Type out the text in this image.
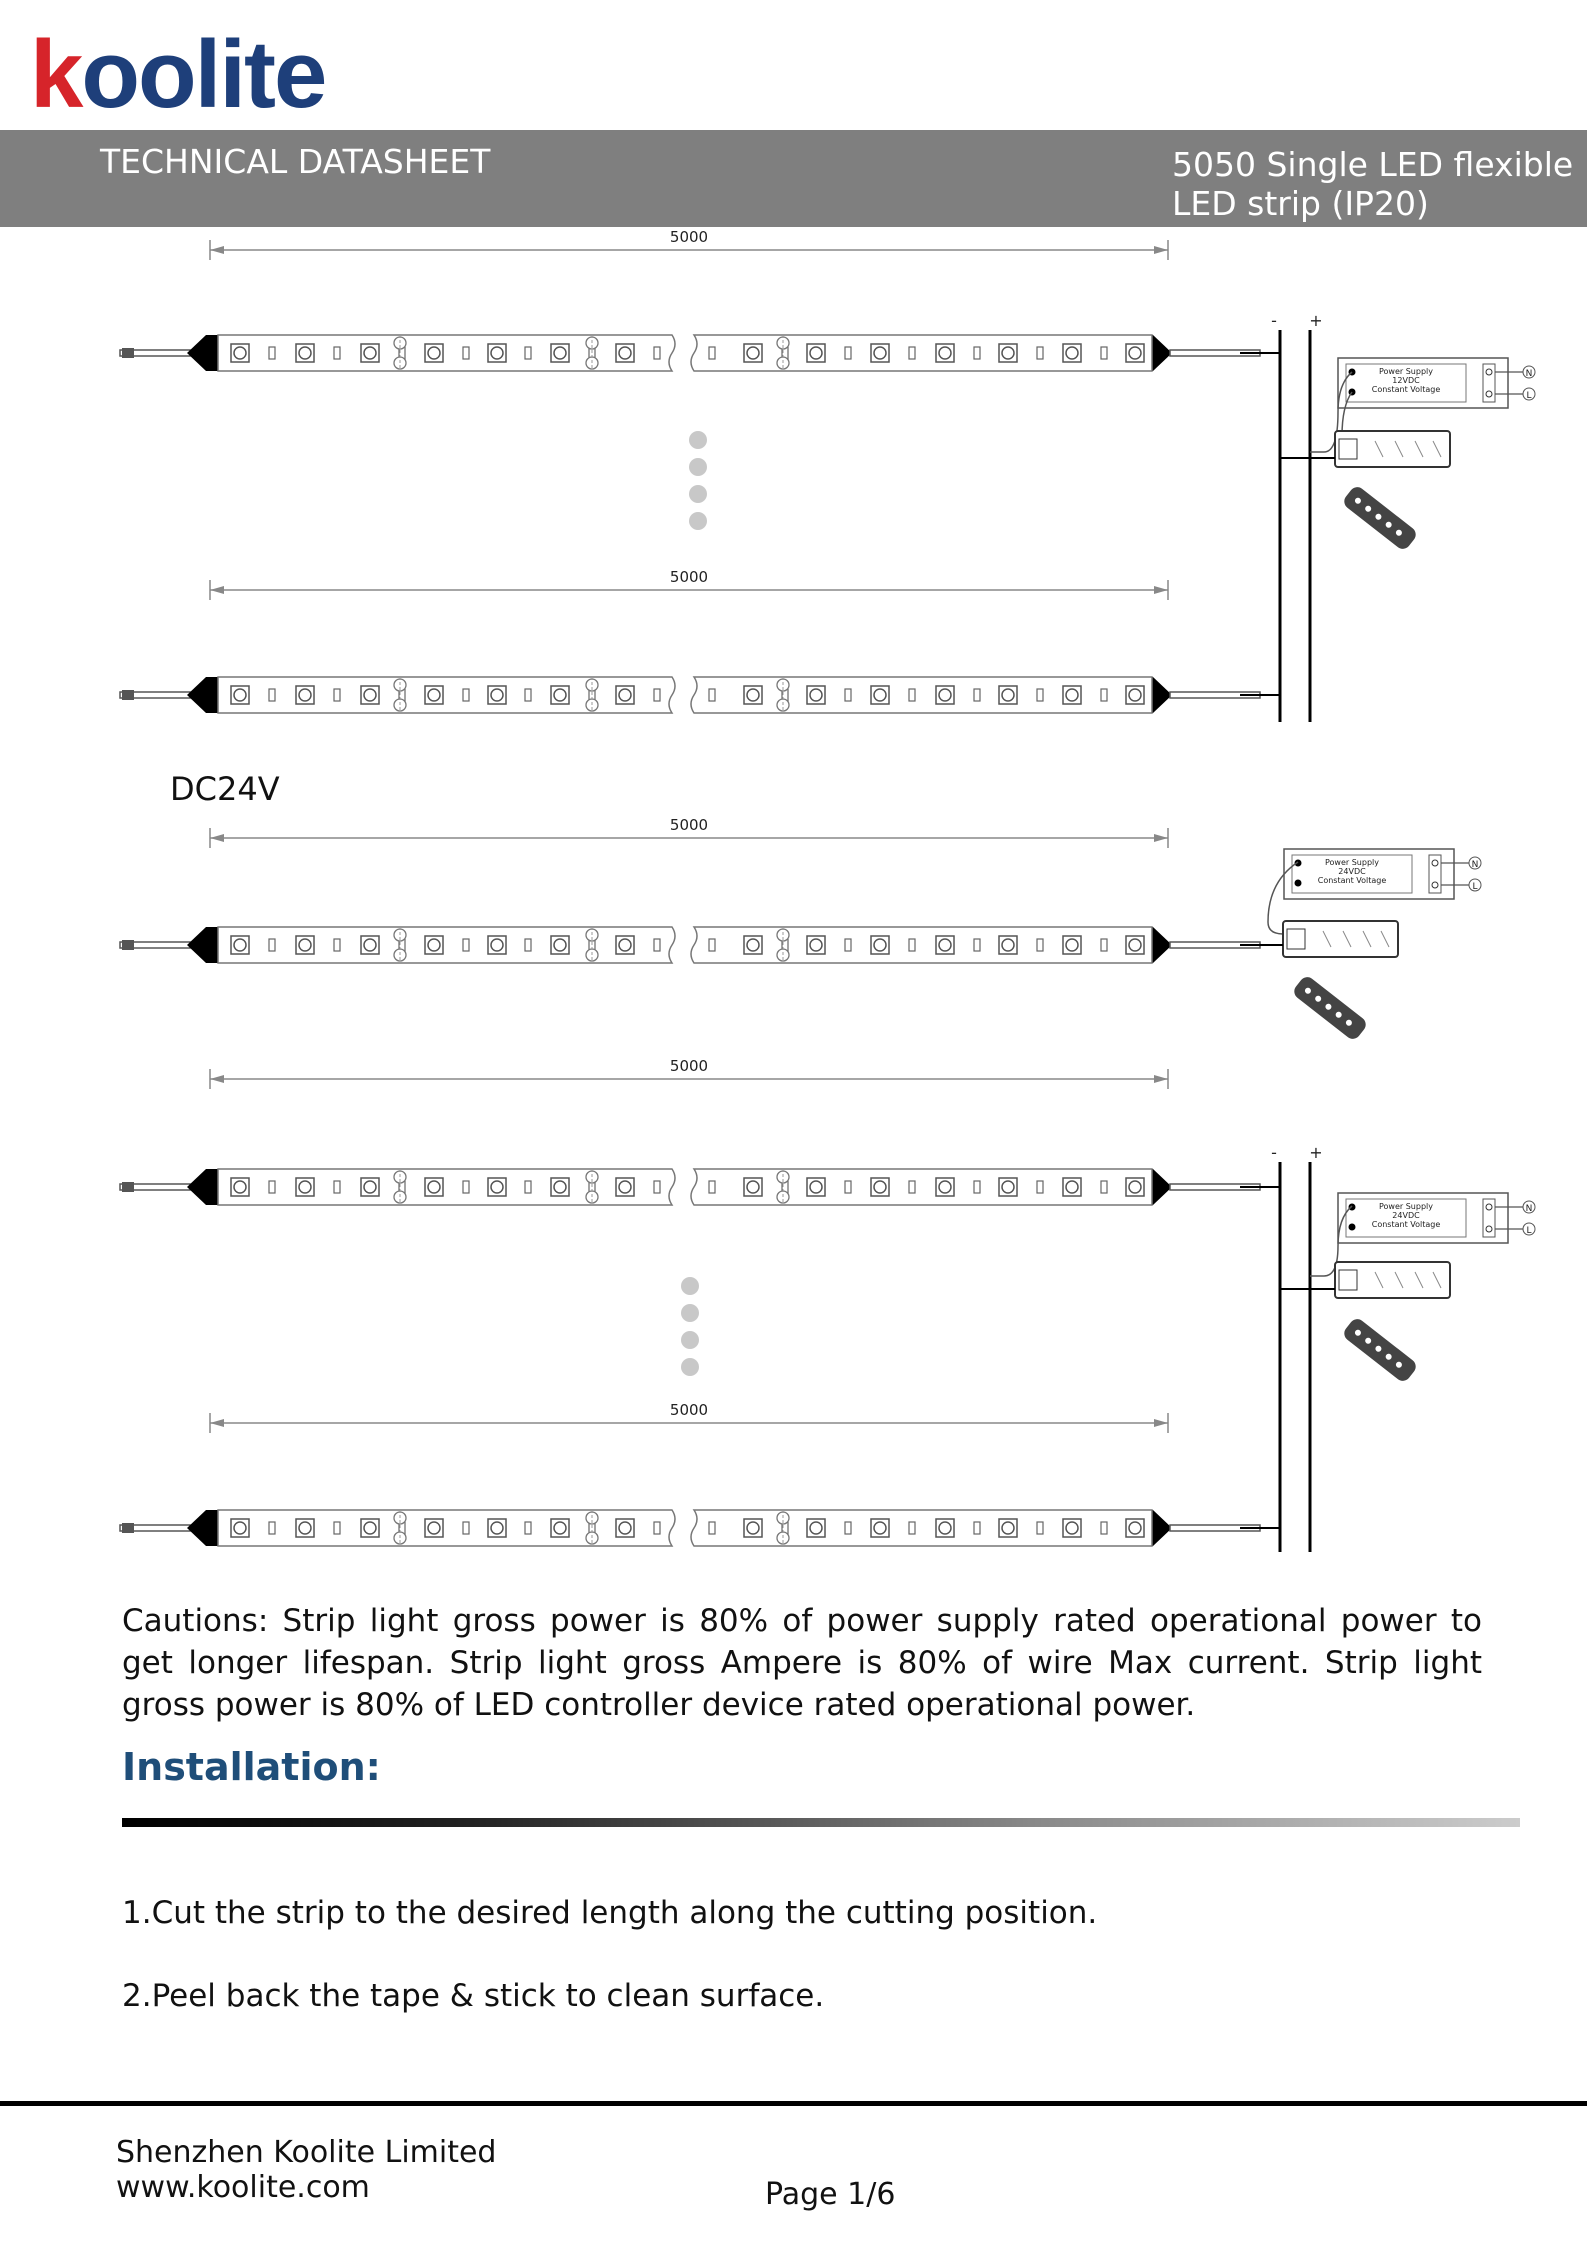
koolite
TECHNICAL DATASHEET	5050 Single LED flexible
LED strip (IP20)
5000
5000
- +
Power Supply
12VDC
Constant Voltage
N
L
5000
Power Supply
24VDC
Constant Voltage
N
L
5000
5000
- +
Power Supply
24VDC
Constant Voltage
N
L
DC24V
Cautions: Strip light gross power is 80% of power supply rated operational power to get longer lifespan. Strip light gross Ampere is 80% of wire Max current. Strip light gross power is 80% of LED controller device rated operational power.
Installation:
1.Cut the strip to the desired length along the cutting position.
2.Peel back the tape & stick to clean surface.
Shenzhen Koolite Limited
www.koolite.com	Page 1/6
